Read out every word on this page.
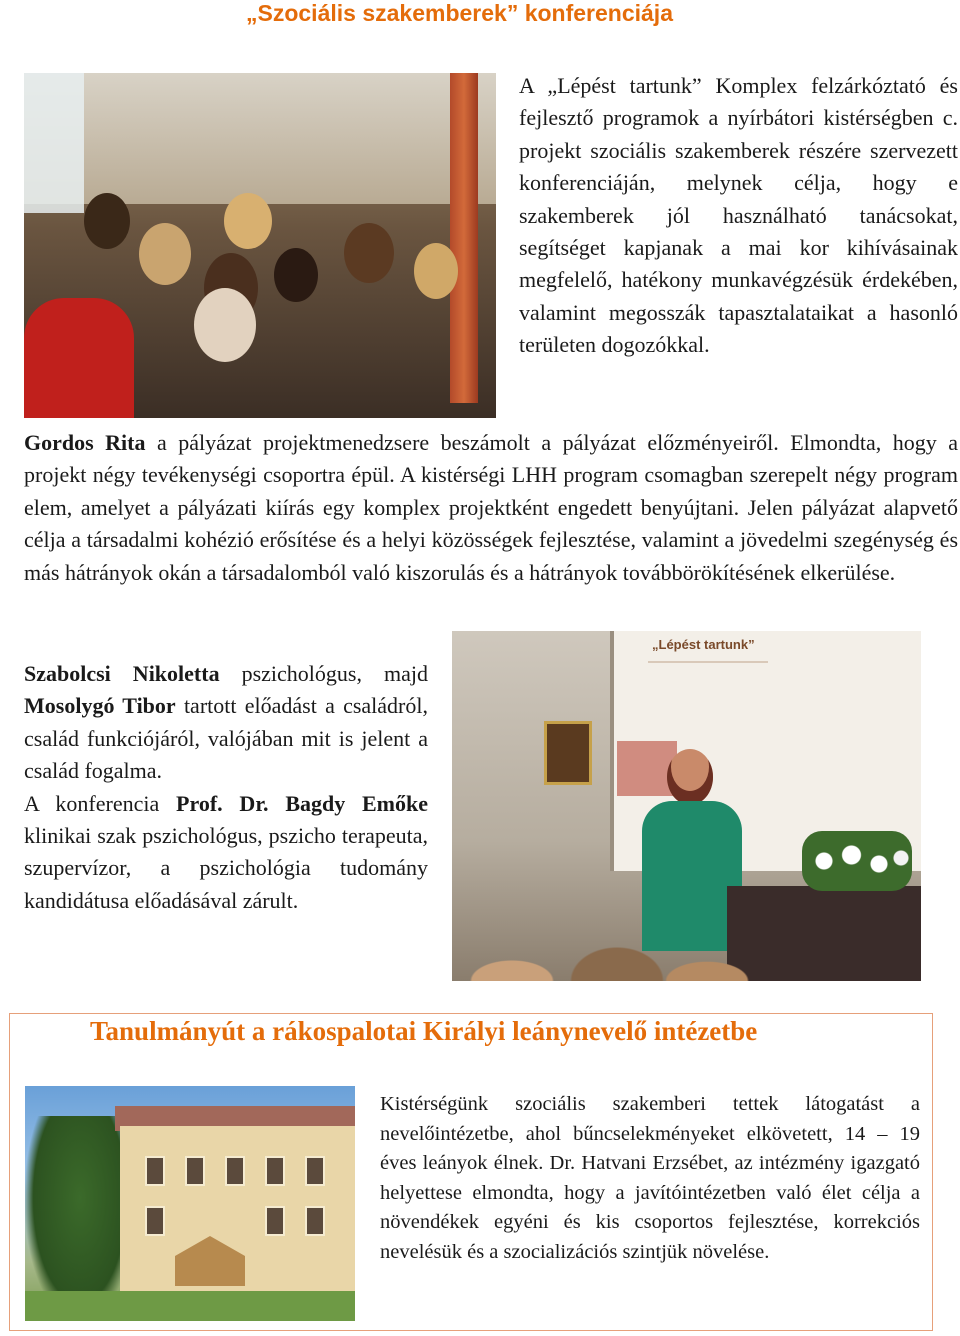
„Szociális szakemberek” konferenciája

A „Lépést tartunk” Komplex felzárkóztató és fejlesztő programok a nyírbátori kistérségben c. projekt szociális szakemberek részére szervezett konferenciáján, melynek célja, hogy e szakemberek jól használható tanácsokat, segítséget kapjanak a mai kor kihívásainak megfelelő, hatékony munkavégzésük érdekében, valamint megosszák tapasztalataikat a hasonló területen dogozókkal.

Gordos Rita a pályázat projektmenedzsere beszámolt a pályázat előzményeiről. Elmondta, hogy a projekt négy tevékenységi csoportra épül. A kistérségi LHH program csomagban szerepelt négy program elem, amelyet a pályázati kiírás egy komplex projektként engedett benyújtani. Jelen pályázat alapvető célja a társadalmi kohézió erősítése és a helyi közösségek fejlesztése, valamint a jövedelmi szegénység és más hátrányok okán a társadalomból való kiszorulás és a hátrányok továbbörökítésének elkerülése.

Szabolcsi Nikoletta pszichológus, majd Mosolygó Tibor tartott előadást a családról, család funkciójáról, valójában mit is jelent a család fogalma.

A konferencia Prof. Dr. Bagdy Emőke klinikai szak pszichológus, pszicho terapeuta, szupervízor, a pszichológia tudomány kandidátusa előadásával zárult.

„Lépést tartunk”
Tanulmányút a rákospalotai Királyi leánynevelő intézetbe

Kistérségünk szociális szakemberi tettek látogatást a nevelőintézetbe, ahol bűncselekményeket elkövetett, 14 – 19 éves leányok élnek. Dr. Hatvani Erzsébet, az intézmény igazgató helyettese elmondta, hogy a javítóintézetben való élet célja a növendékek egyéni és kis csoportos fejlesztése, korrekciós nevelésük és a szocializációs szintjük növelése.
